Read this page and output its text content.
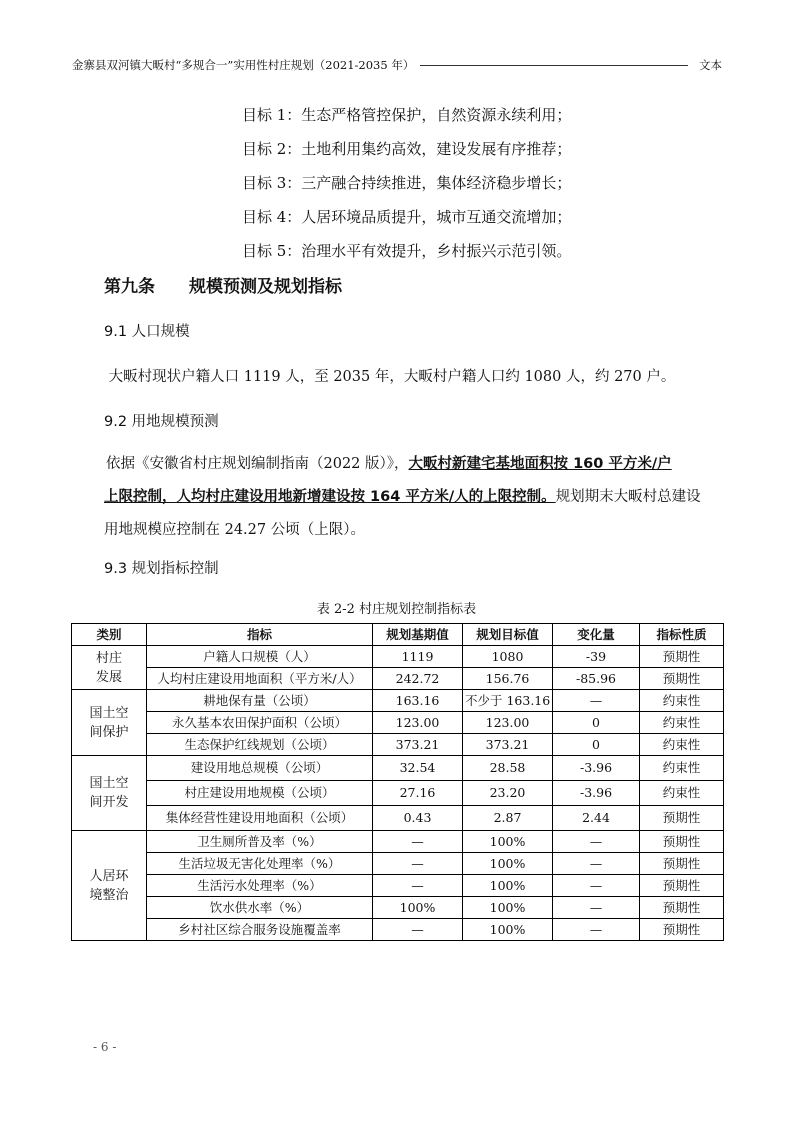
金寨县双河镇大畈村“多规合一”实用性村庄规划（2021-2035 年）	文本
目标 1：生态严格管控保护，自然资源永续利用；
目标 2：土地利用集约高效，建设发展有序推荐；
目标 3：三产融合持续推进，集体经济稳步增长；
目标 4：人居环境品质提升，城市互通交流增加；
目标 5：治理水平有效提升，乡村振兴示范引领。
第九条 规模预测及规划指标
9.1 人口规模
大畈村现状户籍人口 1119 人，至 2035 年，大畈村户籍人口约 1080 人，约 270 户。
9.2 用地规模预测
依据《安徽省村庄规划编制指南（2022 版）》，大畈村新建宅基地面积按 160 平方米/户
上限控制，人均村庄建设用地新增建设按 164 平方米/人的上限控制。规划期末大畈村总建设
用地规模应控制在 24.27 公顷（上限）。
9.3 规划指标控制
表 2-2 村庄规划控制指标表
类别	指标	规划基期值	规划目标值	变化量	指标性质
村庄发展	户籍人口规模（人）	1119	1080	-39	预期性
	人均村庄建设用地面积（平方米/人）	242.72	156.76	-85.96	预期性
国土空间保护	耕地保有量（公顷）	163.16	不少于 163.16	—	约束性
	永久基本农田保护面积（公顷）	123.00	123.00	0	约束性
	生态保护红线规划（公顷）	373.21	373.21	0	约束性
国土空间开发	建设用地总规模（公顷）	32.54	28.58	-3.96	约束性
	村庄建设用地规模（公顷）	27.16	23.20	-3.96	约束性
	集体经营性建设用地面积（公顷）	0.43	2.87	2.44	预期性
人居环境整治	卫生厕所普及率（%）	—	100%	—	预期性
	生活垃圾无害化处理率（%）	—	100%	—	预期性
	生活污水处理率（%）	—	100%	—	预期性
	饮水供水率（%）	100%	100%	—	预期性
	乡村社区综合服务设施覆盖率	—	100%	—	预期性
- 6 -
